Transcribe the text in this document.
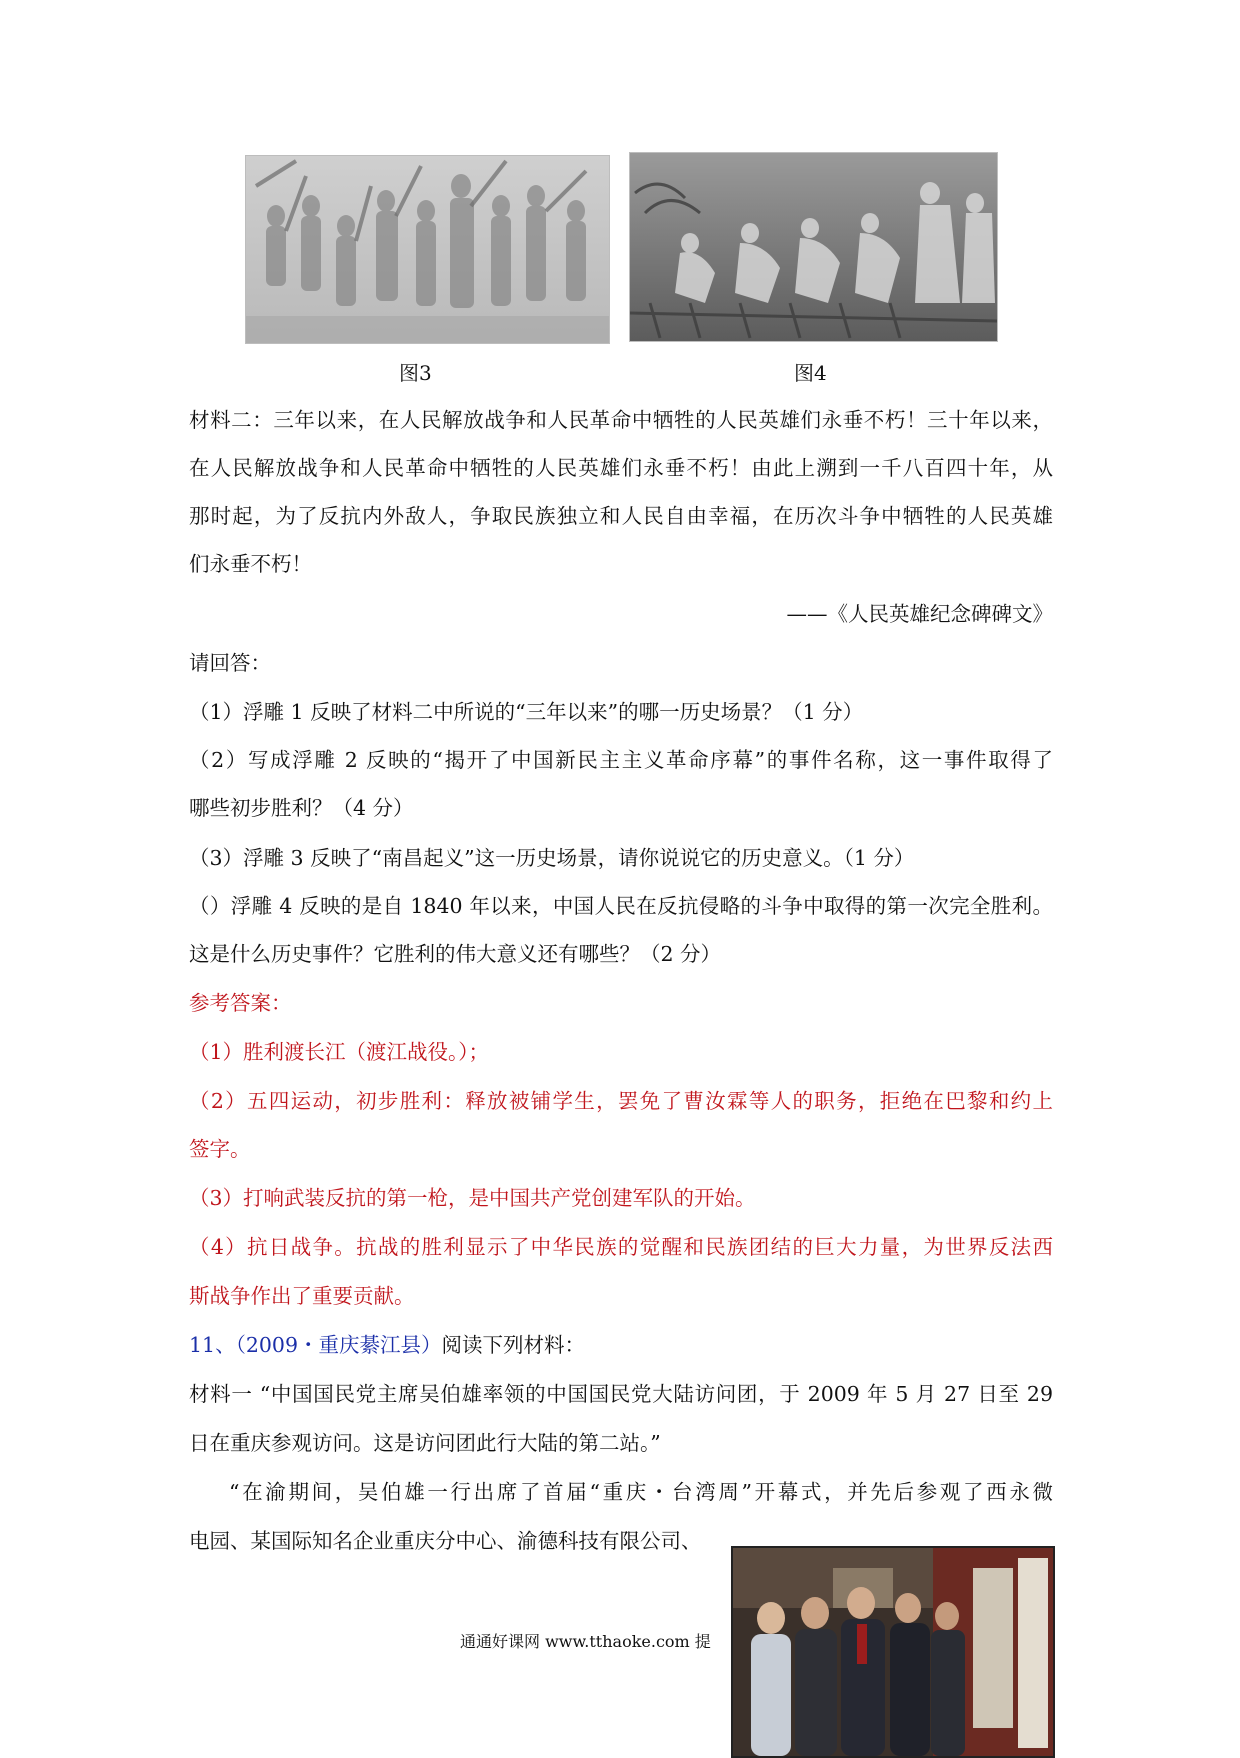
图3	图4
材料二：三年以来，在人民解放战争和人民革命中牺牲的人民英雄们永垂不朽！三十年以来，
在人民解放战争和人民革命中牺牲的人民英雄们永垂不朽！由此上溯到一千八百四十年，从
那时起，为了反抗内外敌人，争取民族独立和人民自由幸福，在历次斗争中牺牲的人民英雄
们永垂不朽！
——《人民英雄纪念碑碑文》
请回答：
（1）浮雕 1 反映了材料二中所说的“三年以来”的哪一历史场景？（1 分）
（2）写成浮雕 2 反映的“揭开了中国新民主主义革命序幕”的事件名称，这一事件取得了
哪些初步胜利？（4 分）
（3）浮雕 3 反映了“南昌起义”这一历史场景，请你说说它的历史意义。（1 分）
（）浮雕 4 反映的是自 1840 年以来，中国人民在反抗侵略的斗争中取得的第一次完全胜利。
这是什么历史事件？它胜利的伟大意义还有哪些？（2 分）
参考答案：
（1）胜利渡长江（渡江战役。）；
（2）五四运动，初步胜利：释放被铺学生，罢免了曹汝霖等人的职务，拒绝在巴黎和约上
签字。
（3）打响武装反抗的第一枪，是中国共产党创建军队的开始。
（4）抗日战争。抗战的胜利显示了中华民族的觉醒和民族团结的巨大力量，为世界反法西
斯战争作出了重要贡献。
11、（2009・重庆綦江县）阅读下列材料：
材料一 “中国国民党主席吴伯雄率领的中国国民党大陆访问团，于 2009 年 5 月 27 日至 29
日在重庆参观访问。这是访问团此行大陆的第二站。”
“在渝期间，吴伯雄一行出席了首届“重庆・台湾周”开幕式，并先后参观了西永微
电园、某国际知名企业重庆分中心、渝德科技有限公司、
通通好课网 www.tthaoke.com 提
